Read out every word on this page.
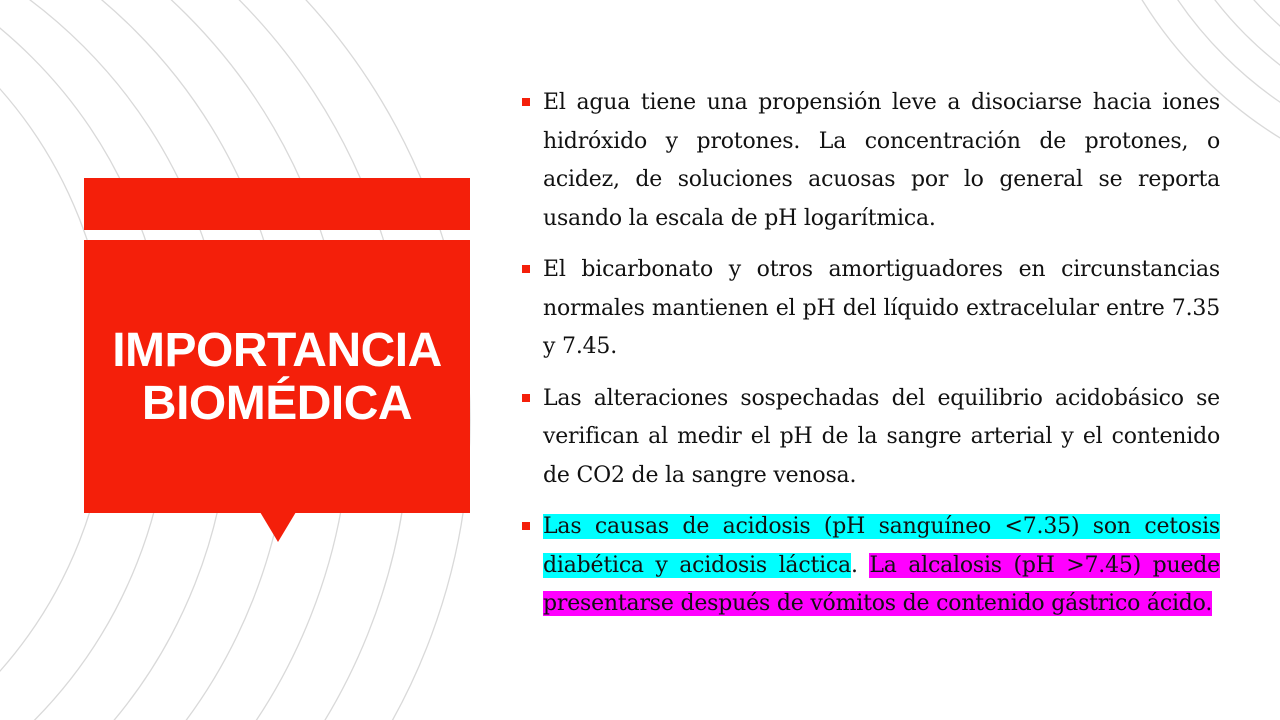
IMPORTANCIA BIOMÉDICA
El agua tiene una propensión leve a disociarse hacia iones hidróxido y protones. La concentración de protones, o acidez, de soluciones acuosas por lo general se reporta usando la escala de pH logarítmica.
El bicarbonato y otros amortiguadores en circunstancias normales mantienen el pH del líquido extracelular entre 7.35 y 7.45.
Las alteraciones sospechadas del equilibrio acidobásico se verifican al medir el pH de la sangre arterial y el contenido de CO2 de la sangre venosa.
Las causas de acidosis (pH sanguíneo <7.35) son cetosis diabética y acidosis láctica. La alcalosis (pH >7.45) puede presentarse después de vómitos de contenido gástrico ácido.
